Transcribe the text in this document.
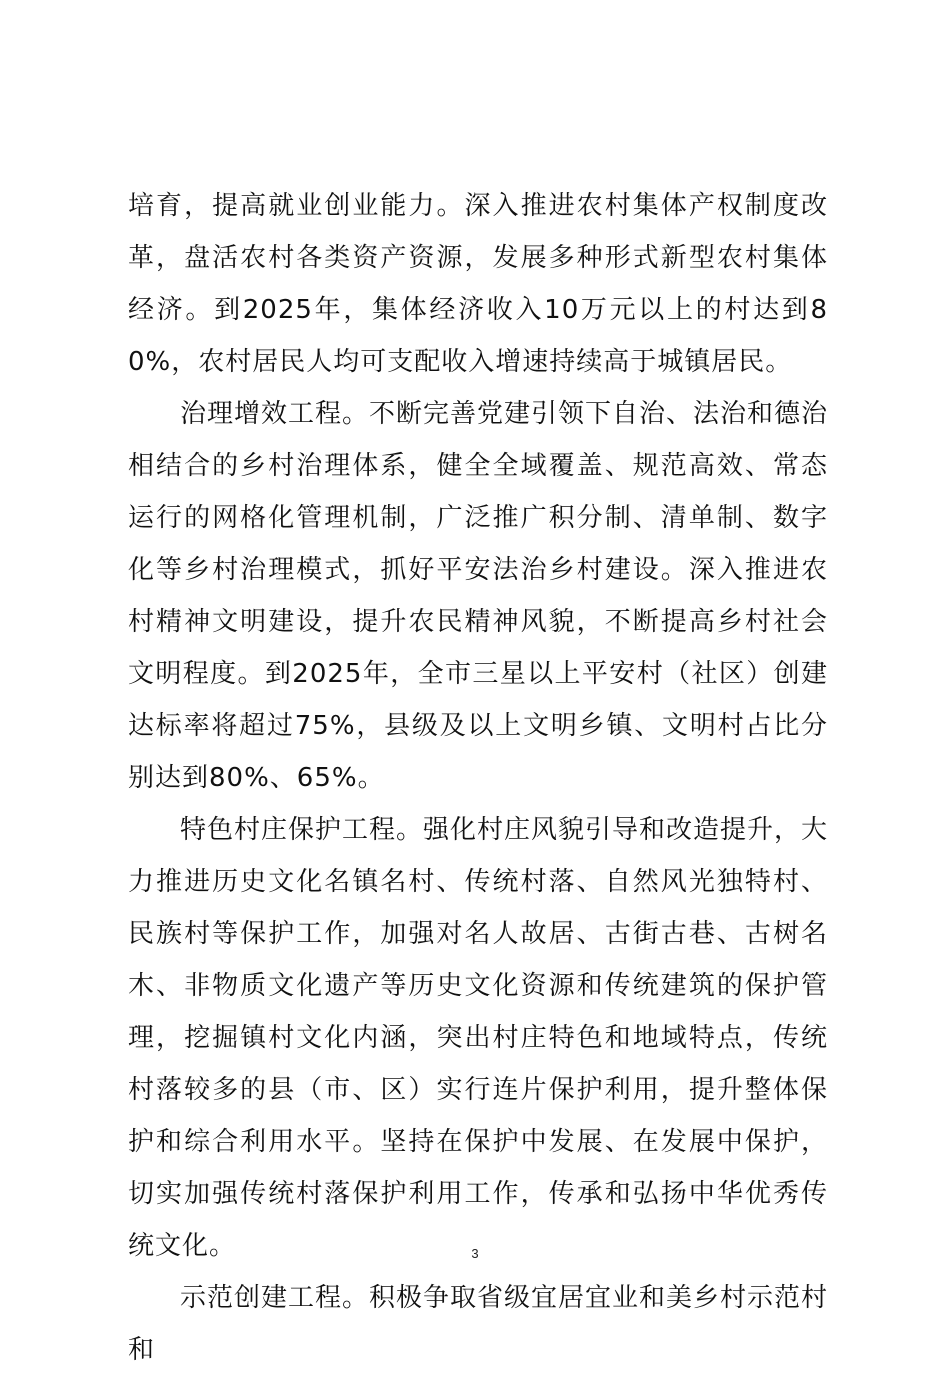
培育，提高就业创业能力。深入推进农村集体产权制度改革，盘活农村各类资产资源，发展多种形式新型农村集体经济。到2025年，集体经济收入10万元以上的村达到80%，农村居民人均可支配收入增速持续高于城镇居民。

治理增效工程。不断完善党建引领下自治、法治和德治相结合的乡村治理体系，健全全域覆盖、规范高效、常态运行的网格化管理机制，广泛推广积分制、清单制、数字化等乡村治理模式，抓好平安法治乡村建设。深入推进农村精神文明建设，提升农民精神风貌，不断提高乡村社会文明程度。到2025年，全市三星以上平安村（社区）创建达标率将超过75%，县级及以上文明乡镇、文明村占比分别达到80%、65%。

特色村庄保护工程。强化村庄风貌引导和改造提升，大力推进历史文化名镇名村、传统村落、自然风光独特村、民族村等保护工作，加强对名人故居、古街古巷、古树名木、非物质文化遗产等历史文化资源和传统建筑的保护管理，挖掘镇村文化内涵，突出村庄特色和地域特点，传统村落较多的县（市、区）实行连片保护利用，提升整体保护和综合利用水平。坚持在保护中发展、在发展中保护，切实加强传统村落保护利用工作，传承和弘扬中华优秀传统文化。

示范创建工程。积极争取省级宜居宜业和美乡村示范村和

3
